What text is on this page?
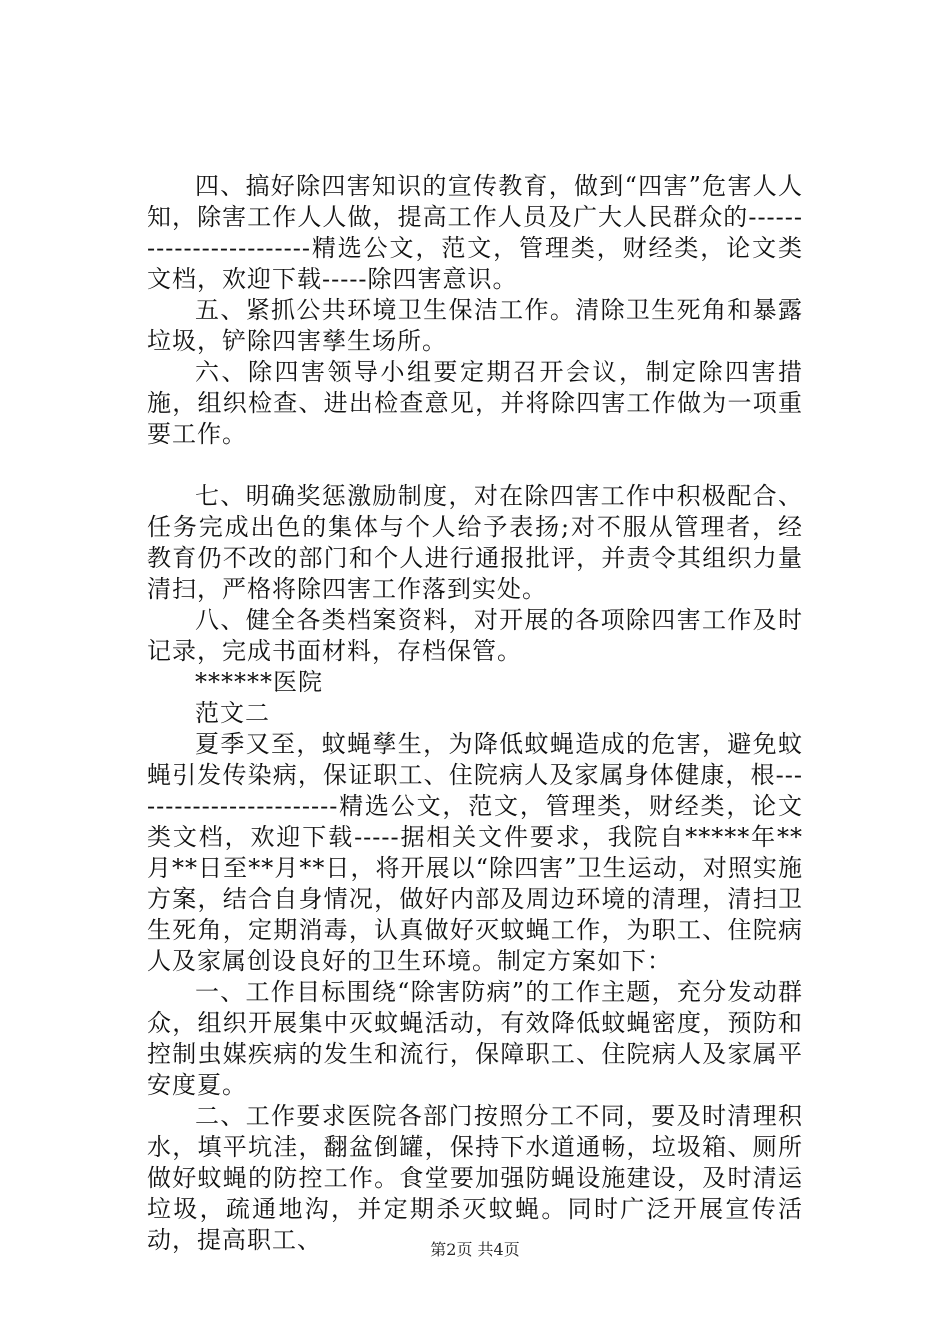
四、搞好除四害知识的宣传教育，做到“四害”危害人人知，除害工作人人做，提高工作人员及广大人民群众的------------------------精选公文，范文，管理类，财经类，论文类文档，欢迎下载-----除四害意识。

五、紧抓公共环境卫生保洁工作。清除卫生死角和暴露垃圾，铲除四害孳生场所。

六、除四害领导小组要定期召开会议，制定除四害措施，组织检查、进出检查意见，并将除四害工作做为一项重要工作。

七、明确奖惩激励制度，对在除四害工作中积极配合、任务完成出色的集体与个人给予表扬;对不服从管理者，经教育仍不改的部门和个人进行通报批评，并责令其组织力量清扫，严格将除四害工作落到实处。

八、健全各类档案资料，对开展的各项除四害工作及时记录，完成书面材料，存档保管。

******医院

范文二

夏季又至，蚊蝇孳生，为降低蚊蝇造成的危害，避免蚊蝇引发传染病，保证职工、住院病人及家属身体健康，根------------------------精选公文，范文，管理类，财经类，论文类文档，欢迎下载-----据相关文件要求，我院自*****年**月**日至**月**日，将开展以“除四害”卫生运动，对照实施方案，结合自身情况，做好内部及周边环境的清理，清扫卫生死角，定期消毒，认真做好灭蚊蝇工作，为职工、住院病人及家属创设良好的卫生环境。制定方案如下：

一、工作目标围绕“除害防病”的工作主题，充分发动群众，组织开展集中灭蚊蝇活动，有效降低蚊蝇密度，预防和控制虫媒疾病的发生和流行，保障职工、住院病人及家属平安度夏。

二、工作要求医院各部门按照分工不同，要及时清理积水，填平坑洼，翻盆倒罐，保持下水道通畅，垃圾箱、厕所做好蚊蝇的防控工作。食堂要加强防蝇设施建设，及时清运垃圾，疏通地沟，并定期杀灭蚊蝇。同时广泛开展宣传活动，提高职工、	第2页 共4页
